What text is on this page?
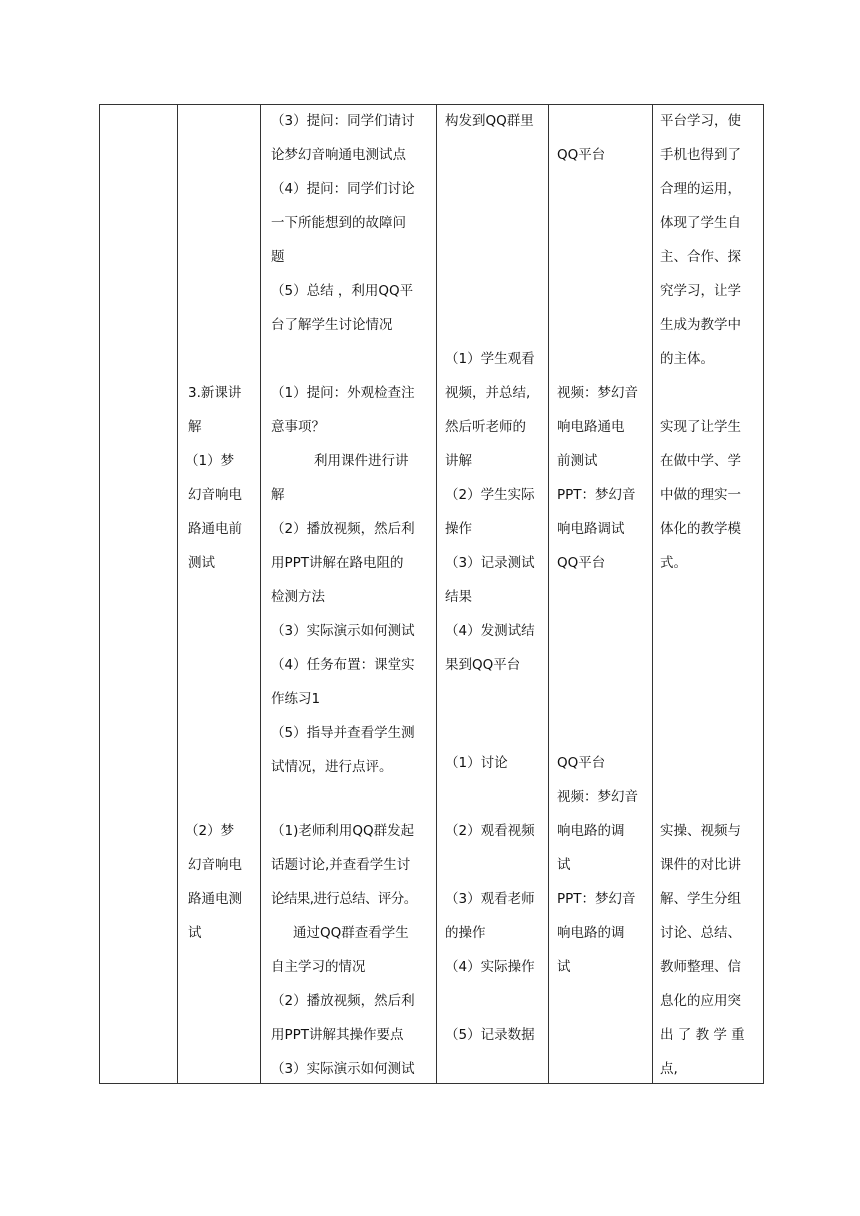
3.新课讲
解
（1）梦
幻音响电
路通电前
测试
（2）梦
幻音响电
路通电测
试
（3）提问：同学们请讨
论梦幻音响通电测试点
（4）提问：同学们讨论
一下所能想到的故障问
题
（5）总结 ，利用QQ平
台了解学生讨论情况
（1）提问：外观检查注
意事项？
利用课件进行讲
解
（2）播放视频，然后利
用PPT讲解在路电阻的
检测方法
（3）实际演示如何测试
（4）任务布置：课堂实
作练习1
（5）指导并查看学生测
试情况，进行点评。
（1)老师利用QQ群发起
话题讨论,并查看学生讨
论结果,进行总结、评分。
通过QQ群查看学生
自主学习的情况
（2）播放视频，然后利
用PPT讲解其操作要点
（3）实际演示如何测试
构发到QQ群里
（1）学生观看
视频，并总结,
然后听老师的
讲解
（2）学生实际
操作
（3）记录测试
结果
（4）发测试结
果到QQ平台
（1）讨论
（2）观看视频
（3）观看老师
的操作
（4）实际操作
（5）记录数据
QQ平台
视频：梦幻音
响电路通电
前测试
PPT：梦幻音
响电路调试
QQ平台
QQ平台
视频：梦幻音
响电路的调
试
PPT：梦幻音
响电路的调
试
平台学习，使
手机也得到了
合理的运用，
体现了学生自
主、合作、探
究学习，让学
生成为教学中
的主体。
实现了让学生
在做中学、学
中做的理实一
体化的教学模
式。
实操、视频与
课件的对比讲
解、学生分组
讨论、总结、
教师整理、信
息化的应用突
出 了 教 学 重
点,
